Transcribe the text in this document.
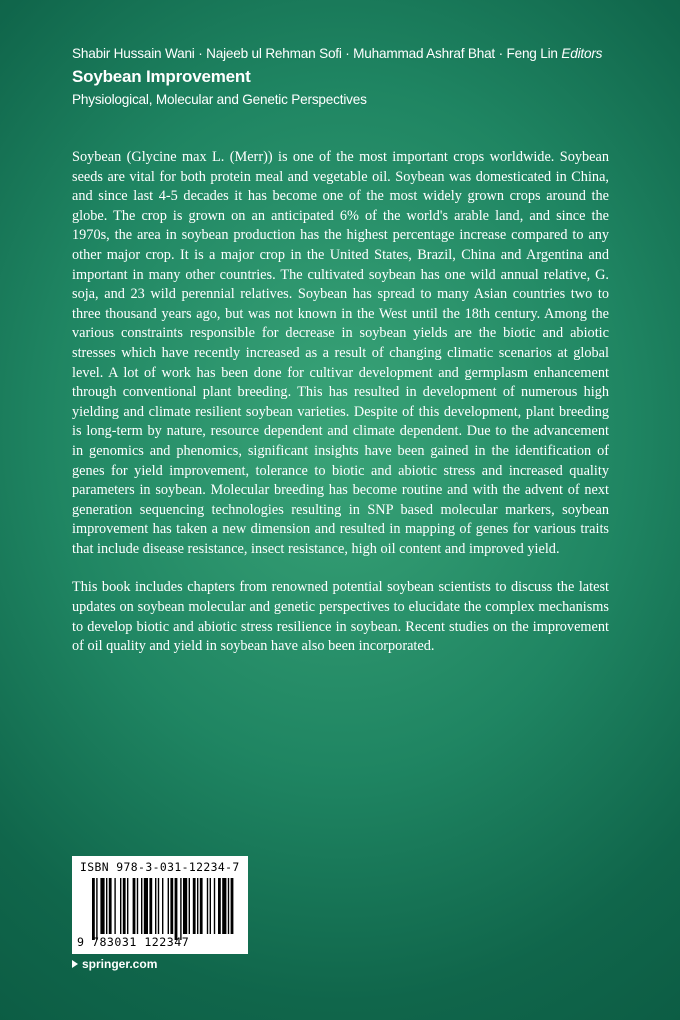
Shabir Hussain Wani · Najeeb ul Rehman Sofi · Muhammad Ashraf Bhat · Feng Lin Editors

Soybean Improvement

Physiological, Molecular and Genetic Perspectives

Soybean (Glycine max L. (Merr)) is one of the most important crops worldwide. Soybean seeds are vital for both protein meal and vegetable oil. Soybean was domesticated in China, and since last 4-5 decades it has become one of the most widely grown crops around the globe. The crop is grown on an anticipated 6% of the world's arable land, and since the 1970s, the area in soybean production has the highest percentage increase compared to any other major crop. It is a major crop in the United States, Brazil, China and Argentina and important in many other countries. The cultivated soybean has one wild annual relative, G. soja, and 23 wild perennial relatives. Soybean has spread to many Asian countries two to three thousand years ago, but was not known in the West until the 18th century. Among the various constraints responsible for decrease in soybean yields are the biotic and abiotic stresses which have recently increased as a result of changing climatic scenarios at global level. A lot of work has been done for cultivar development and germplasm enhancement through conventional plant breeding. This has resulted in development of numerous high yielding and climate resilient soybean varieties. Despite of this development, plant breeding is long-term by nature, resource dependent and climate dependent. Due to the advancement in genomics and phenomics, significant insights have been gained in the identification of genes for yield improvement, tolerance to biotic and abiotic stress and increased quality parameters in soybean. Molecular breeding has become routine and with the advent of next generation sequencing technologies resulting in SNP based molecular markers, soybean improvement has taken a new dimension and resulted in mapping of genes for various traits that include disease resistance, insect resistance, high oil content and improved yield.

This book includes chapters from renowned potential soybean scientists to discuss the latest updates on soybean molecular and genetic perspectives to elucidate the complex mechanisms to develop biotic and abiotic stress resilience in soybean. Recent studies on the improvement of oil quality and yield in soybean have also been incorporated.

ISBN 978-3-031-12234-7
9 783031 122347
springer.com
